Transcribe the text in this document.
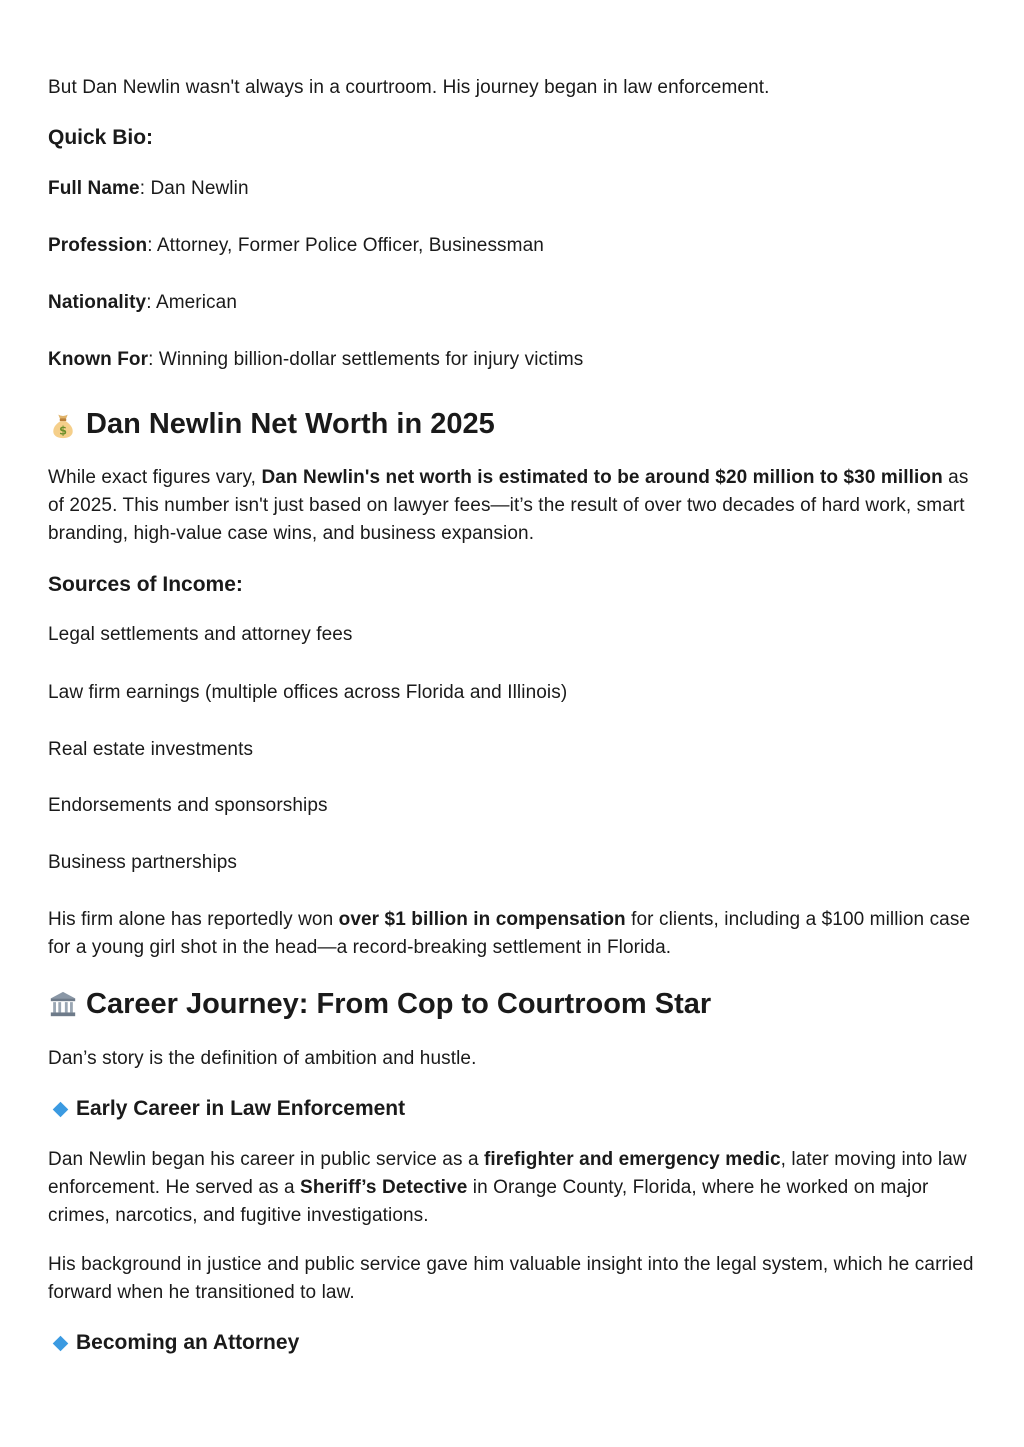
But Dan Newlin wasn't always in a courtroom. His journey began in law enforcement.

Quick Bio:

Full Name: Dan Newlin

Profession: Attorney, Former Police Officer, Businessman

Nationality: American

Known For: Winning billion-dollar settlements for injury victims

$ Dan Newlin Net Worth in 2025

While exact figures vary, Dan Newlin's net worth is estimated to be around $20 million to $30 million as of 2025. This number isn't just based on lawyer fees—it’s the result of over two decades of hard work, smart branding, high-value case wins, and business expansion.

Sources of Income:

Legal settlements and attorney fees

Law firm earnings (multiple offices across Florida and Illinois)

Real estate investments

Endorsements and sponsorships

Business partnerships

His firm alone has reportedly won over $1 billion in compensation for clients, including a $100 million case for a young girl shot in the head—a record-breaking settlement in Florida.

Career Journey: From Cop to Courtroom Star

Dan’s story is the definition of ambition and hustle.

Early Career in Law Enforcement

Dan Newlin began his career in public service as a firefighter and emergency medic, later moving into law enforcement. He served as a Sheriff’s Detective in Orange County, Florida, where he worked on major crimes, narcotics, and fugitive investigations.

His background in justice and public service gave him valuable insight into the legal system, which he carried forward when he transitioned to law.

Becoming an Attorney
